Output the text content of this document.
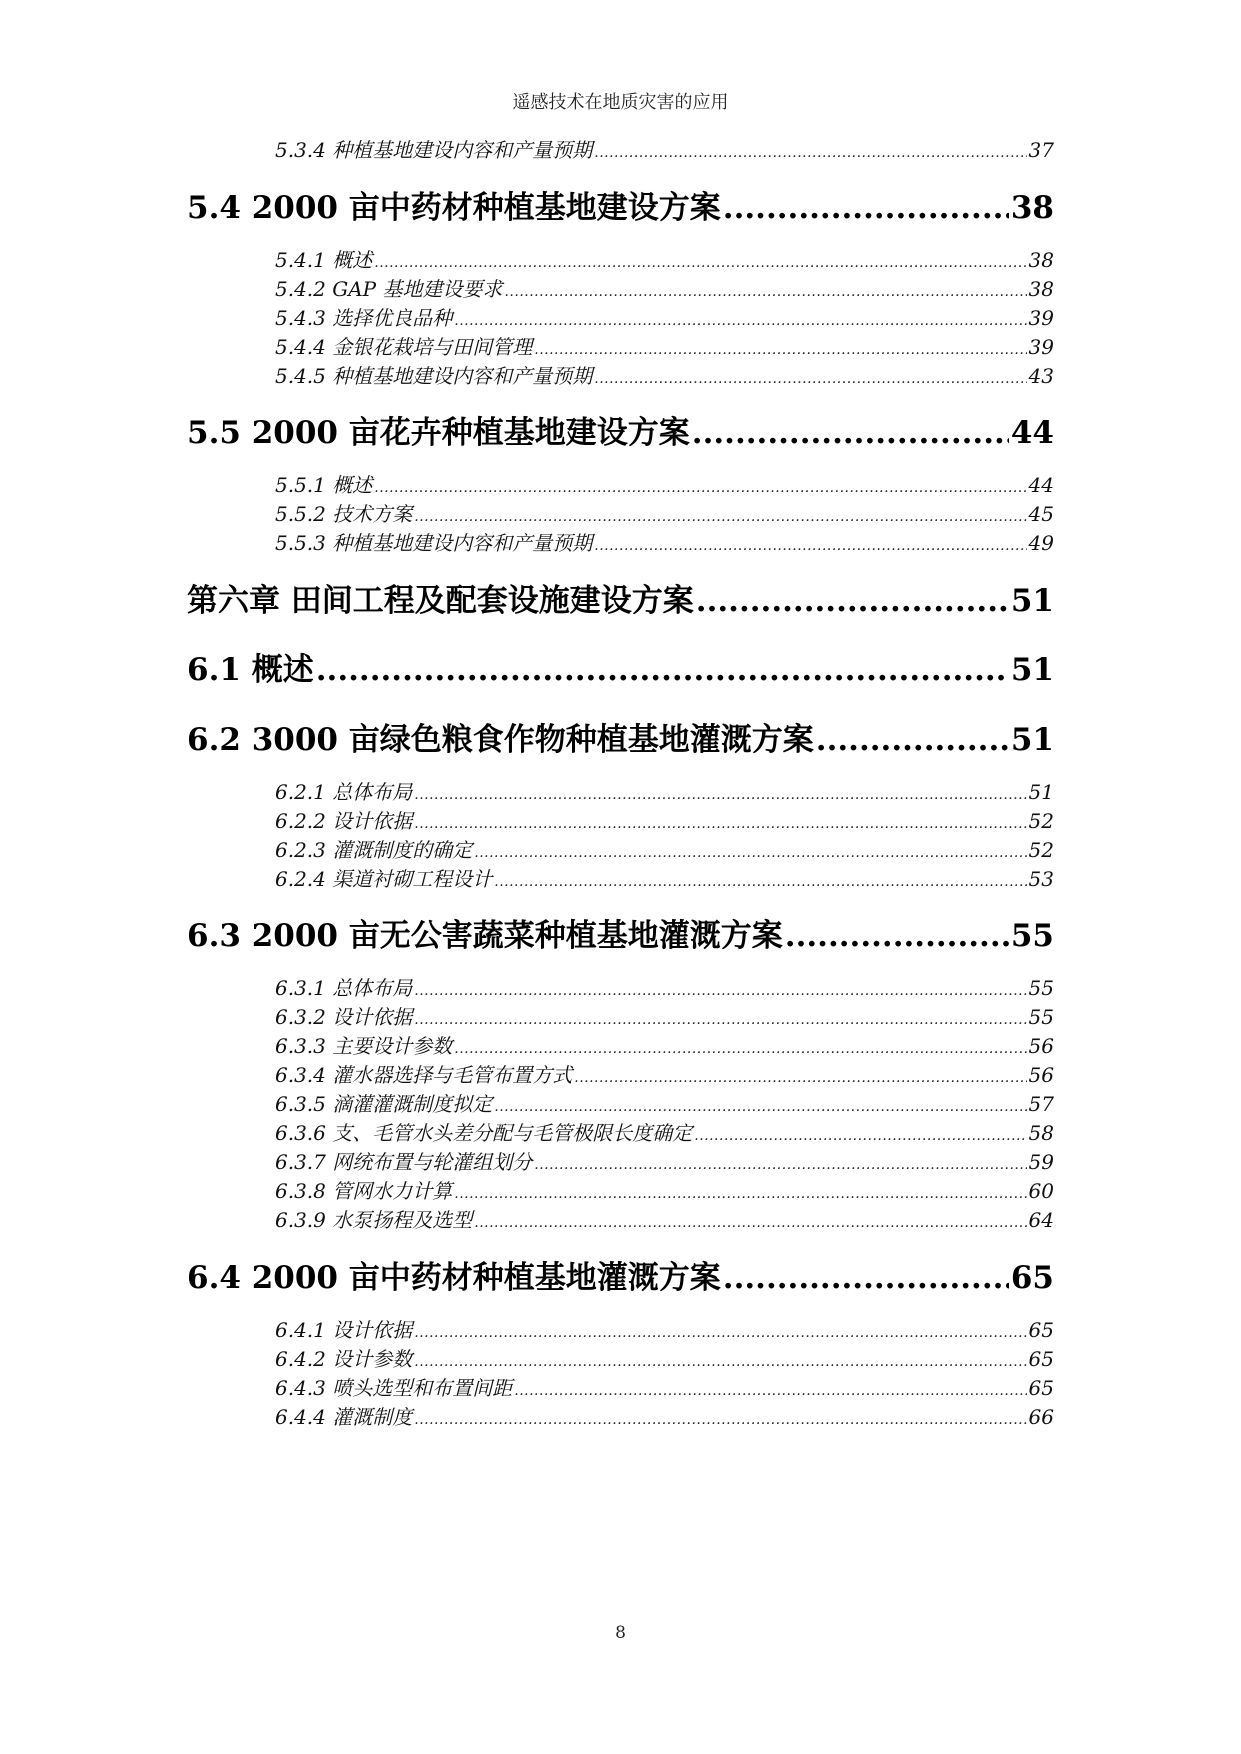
遥感技术在地质灾害的应用
5.3.4 种植基地建设内容和产量预期 .....	37
5.4 2000 亩中药材种植基地建设方案 .....	38
5.4.1 概述 .....	38
5.4.2 GAP 基地建设要求 .....	38
5.4.3 选择优良品种 .....	39
5.4.4 金银花栽培与田间管理 .....	39
5.4.5 种植基地建设内容和产量预期 .....	43
5.5 2000 亩花卉种植基地建设方案 .....	44
5.5.1 概述 .....	44
5.5.2 技术方案 .....	45
5.5.3 种植基地建设内容和产量预期 .....	49
第六章 田间工程及配套设施建设方案 .....	51
6.1 概述 .....	51
6.2 3000 亩绿色粮食作物种植基地灌溉方案 .....	51
6.2.1 总体布局 .....	51
6.2.2 设计依据 .....	52
6.2.3 灌溉制度的确定 .....	52
6.2.4 渠道衬砌工程设计 .....	53
6.3 2000 亩无公害蔬菜种植基地灌溉方案 .....	55
6.3.1 总体布局 .....	55
6.3.2 设计依据 .....	55
6.3.3 主要设计参数 .....	56
6.3.4 灌水器选择与毛管布置方式 .....	56
6.3.5 滴灌灌溉制度拟定 .....	57
6.3.6 支、毛管水头差分配与毛管极限长度确定 .....	58
6.3.7 网统布置与轮灌组划分 .....	59
6.3.8 管网水力计算 .....	60
6.3.9 水泵扬程及选型 .....	64
6.4 2000 亩中药材种植基地灌溉方案 .....	65
6.4.1 设计依据 .....	65
6.4.2 设计参数 .....	65
6.4.3 喷头选型和布置间距 .....	65
6.4.4 灌溉制度 .....	66
8
